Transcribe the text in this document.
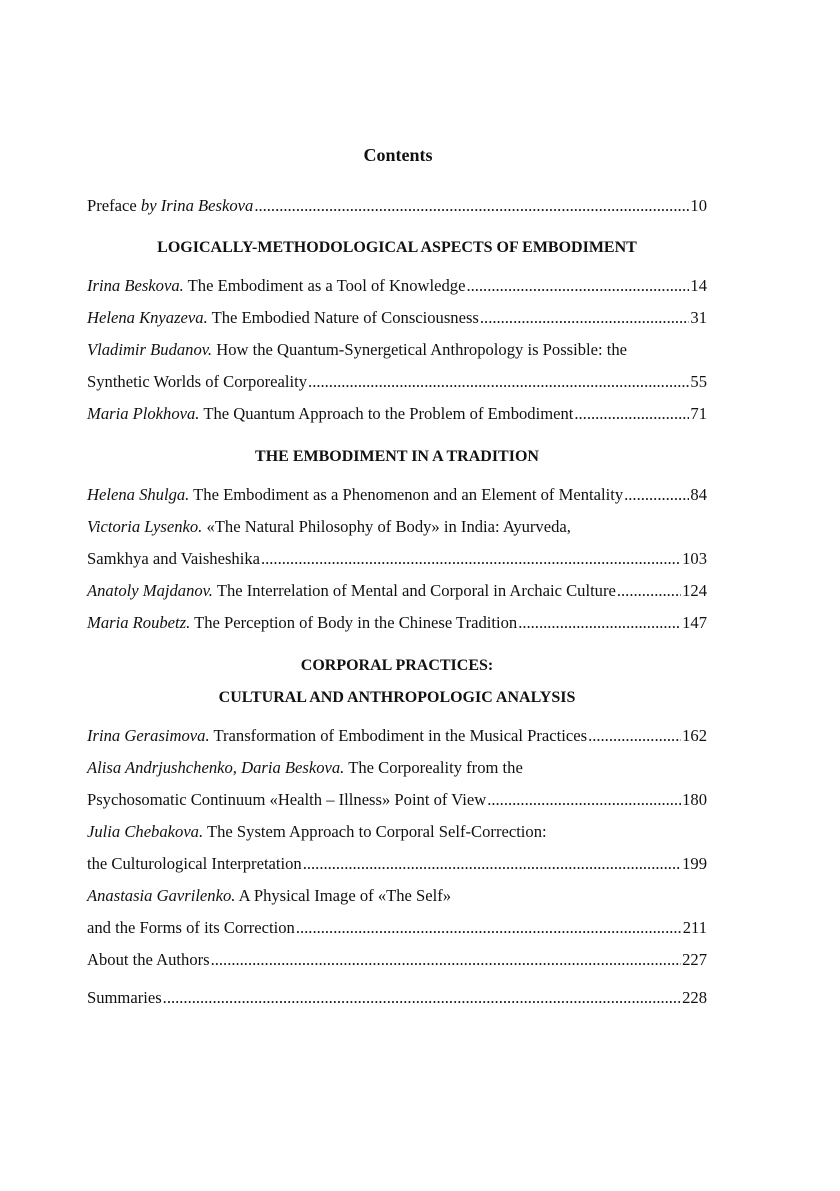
Contents
Preface by Irina Beskova .....	10
LOGICALLY-METHODOLOGICAL ASPECTS OF EMBODIMENT
Irina Beskova. The Embodiment as a Tool of Knowledge .....	14
Helena Knyazeva. The Embodied Nature of Consciousness .....	31
Vladimir Budanov. How the Quantum-Synergetical Anthropology is Possible: the
Synthetic Worlds of Corporeality .....	55
Maria Plokhova. The Quantum Approach to the Problem of Embodiment .....	71
THE EMBODIMENT IN A TRADITION
Helena Shulga. The Embodiment as a Phenomenon and an Element of Mentality .....	84
Victoria Lysenko. «The Natural Philosophy of Body» in India: Ayurveda,
Samkhya and Vaisheshika .....	103
Anatoly Majdanov. The Interrelation of Mental and Corporal in Archaic Culture .....	124
Maria Roubetz. The Perception of Body in the Chinese Tradition .....	147
CORPORAL PRACTICES:
CULTURAL AND ANTHROPOLOGIC ANALYSIS
Irina Gerasimova. Transformation of Embodiment in the Musical Practices .....	162
Alisa Andrjushchenko, Daria Beskova. The Corporeality from the
Psychosomatic Continuum «Health – Illness» Point of View .....	180
Julia Chebakova. The System Approach to Corporal Self-Correction:
the Culturological Interpretation .....	199
Anastasia Gavrilenko. A Physical Image of «The Self»
and the Forms of its Correction .....	211
About the Authors .....	227
Summaries .....	228
